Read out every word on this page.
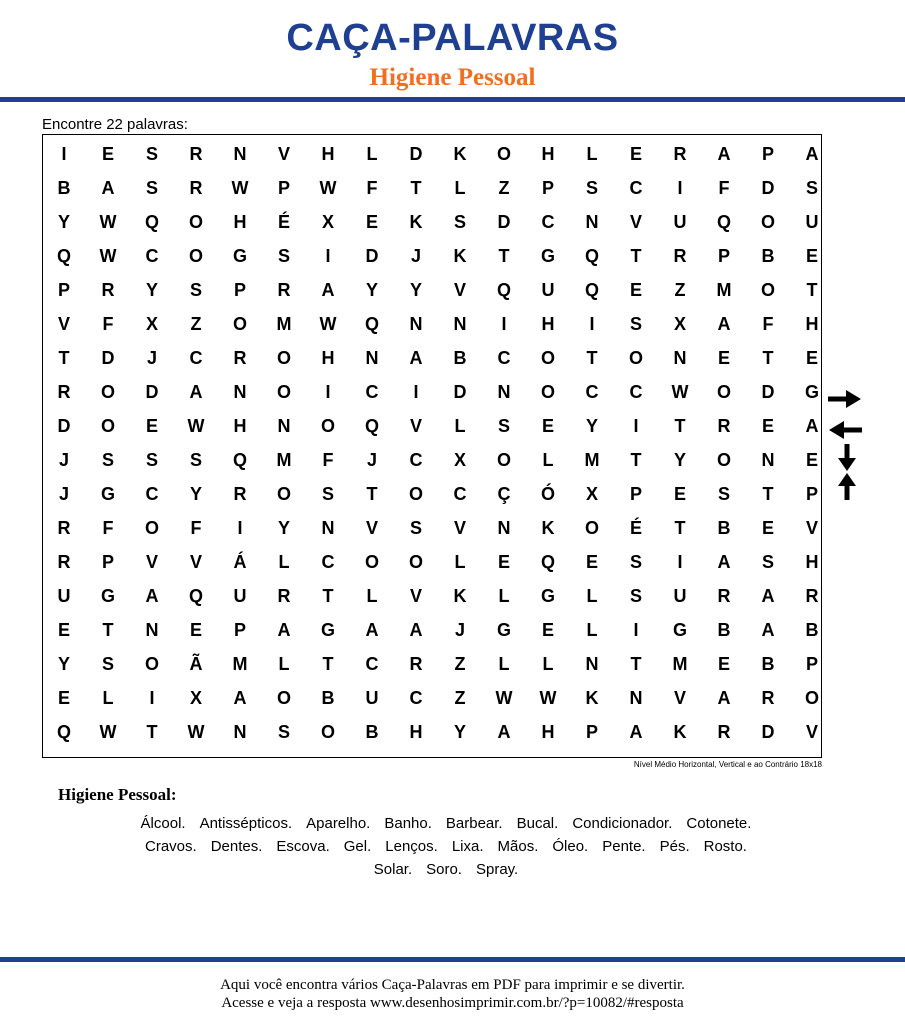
CAÇA-PALAVRAS
Higiene Pessoal
Encontre 22 palavras:
I	E	S	R	N	V	H	L	D	K	O	H	L	E	R	A	P	A
B	A	S	R	W	P	W	F	T	L	Z	P	S	C	I	F	D	S
Y	W	Q	O	H	É	X	E	K	S	D	C	N	V	U	Q	O	U
Q	W	C	O	G	S	I	D	J	K	T	G	Q	T	R	P	B	E
P	R	Y	S	P	R	A	Y	Y	V	Q	U	Q	E	Z	M	O	T
V	F	X	Z	O	M	W	Q	N	N	I	H	I	S	X	A	F	H
T	D	J	C	R	O	H	N	A	B	C	O	T	O	N	E	T	E
R	O	D	A	N	O	I	C	I	D	N	O	C	C	W	O	D	G
D	O	E	W	H	N	O	Q	V	L	S	E	Y	I	T	R	E	A
J	S	S	S	Q	M	F	J	C	X	O	L	M	T	Y	O	N	E
J	G	C	Y	R	O	S	T	O	C	Ç	Ó	X	P	E	S	T	P
R	F	O	F	I	Y	N	V	S	V	N	K	O	É	T	B	E	V
R	P	V	V	Á	L	C	O	O	L	E	Q	E	S	I	A	S	H
U	G	A	Q	U	R	T	L	V	K	L	G	L	S	U	R	A	R
E	T	N	E	P	A	G	A	A	J	G	E	L	I	G	B	A	B
Y	S	O	Ã	M	L	T	C	R	Z	L	L	N	T	M	E	B	P
E	L	I	X	A	O	B	U	C	Z	W	W	K	N	V	A	R	O
Q	W	T	W	N	S	O	B	H	Y	A	H	P	A	K	R	D	V
Nível Médio Horizontal, Vertical e ao Contrário 18x18
Higiene Pessoal:
Álcool. Antissépticos. Aparelho. Banho. Barbear. Bucal. Condicionador. Cotonete.
Cravos. Dentes. Escova. Gel. Lenços. Lixa. Mãos. Óleo. Pente. Pés. Rosto.
Solar. Soro. Spray.
Aqui você encontra vários Caça-Palavras em PDF para imprimir e se divertir.
Acesse e veja a resposta www.desenhosimprimir.com.br/?p=10082/#resposta
